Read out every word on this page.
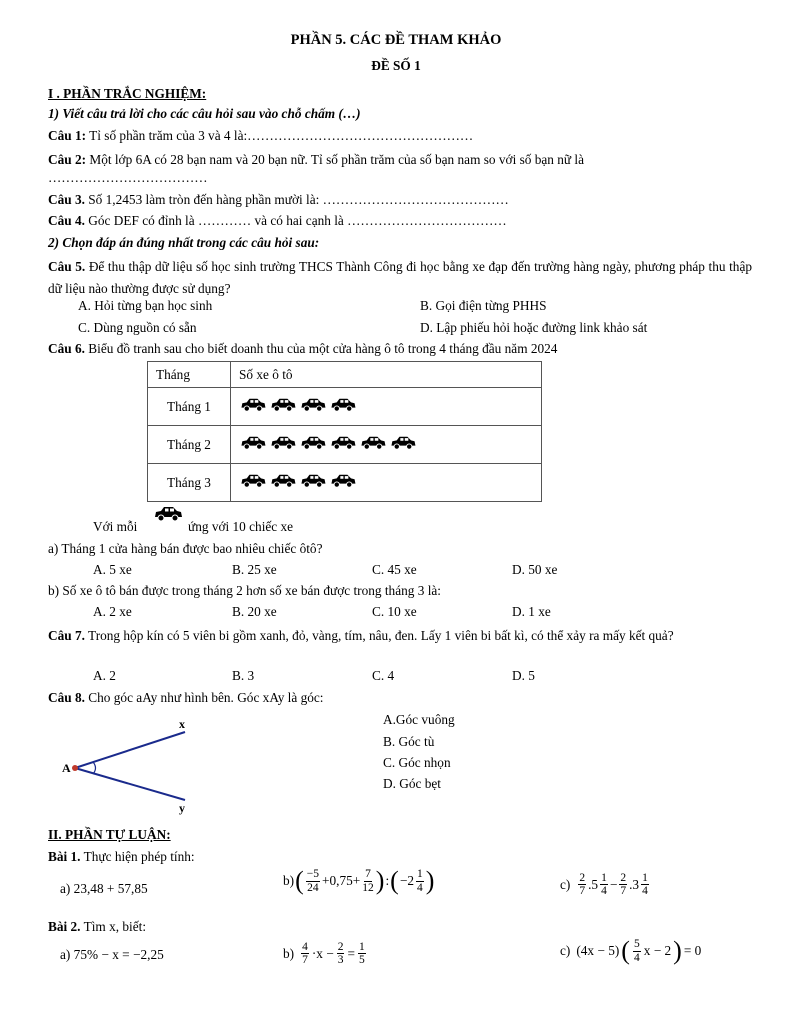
PHẦN 5. CÁC ĐỀ THAM KHẢO
ĐỀ SỐ 1
I . PHẦN TRẮC NGHIỆM:
1) Viết câu trả lời cho các câu hỏi sau vào chỗ chấm (…)
Câu 1: Tỉ số phần trăm của 3 và 4 là:……………………………………………
Câu 2: Một lớp 6A có 28 bạn nam và 20 bạn nữ. Tỉ số phần trăm của số bạn nam so với số bạn nữ là
………………………………
Câu 3. Số 1,2453 làm tròn đến hàng phần mười là: ……………………………………
Câu 4. Góc DEF có đỉnh là ………… và có hai cạnh là ………………………………
2) Chọn đáp án đúng nhất trong các câu hỏi sau:
Câu 5. Để thu thập dữ liệu số học sinh trường THCS Thành Công đi học bằng xe đạp đến trường hàng ngày, phương pháp thu thập dữ liệu nào thường được sử dụng?
A. Hỏi từng bạn học sinh	B. Gọi điện từng PHHS
C. Dùng nguồn có sẵn	D. Lập phiếu hỏi hoặc đường link khảo sát
Câu 6. Biểu đồ tranh sau cho biết doanh thu của một cửa hàng ô tô trong 4 tháng đầu năm 2024
Tháng	Số xe ô tô
Tháng 1	

Tháng 2	

Tháng 3	
Với mỗi	ứng với 10 chiếc xe
a) Tháng 1 cửa hàng bán được bao nhiêu chiếc ôtô?
A. 5 xe	B. 25 xe	C. 45 xe	D. 50 xe
b) Số xe ô tô bán được trong tháng 2 hơn số xe bán được trong tháng 3 là:
A. 2 xe	B. 20 xe	C. 10 xe	D. 1 xe
Câu 7. Trong hộp kín có 5 viên bi gồm xanh, đỏ, vàng, tím, nâu, đen. Lấy 1 viên bi bất kì, có thể xảy ra mấy kết quả?
A. 2	B. 3	C. 4	D. 5
Câu 8. Cho góc aAy như hình bên. Góc xAy là góc:
A
x
y
A.Góc vuông
B. Góc tù
C. Góc nhọn
D. Góc bẹt
II. PHẦN TỰ LUẬN:
Bài 1. Thực hiện phép tính:
a) 23,48 + 57,85
b) ( $\frac{-5}{24} +0,75+ \frac{7}{12}$ ) : ( $-2 \frac{1}{4}$ )	$c) \frac{2}{7} .5 \frac{1}{4} - \frac{2}{7} .3 \frac{1}{4}$
Bài 2. Tìm x, biết:
a) 75% − x = −2,25	$b) \frac{4}{7} \cdot x - \frac{2}{3} = \frac{1}{5}$	c) (4x − 5) ( $\frac{5}{4}$ x − 2 ) = 0
